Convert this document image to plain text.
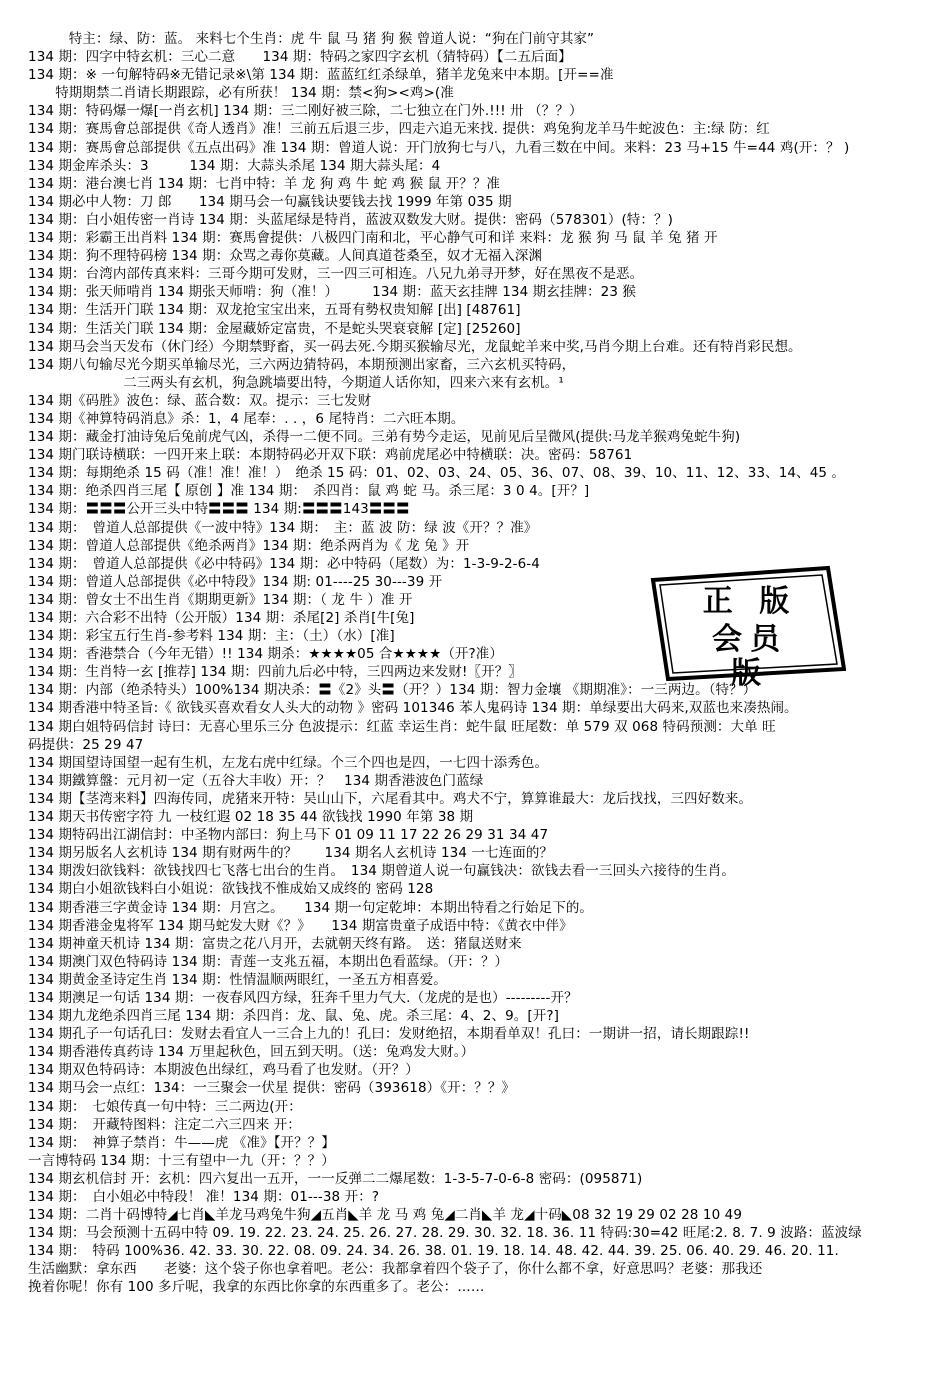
　　　特主：绿、防：蓝。 来料七个生肖：虎 牛 鼠 马 猪 狗 猴 曾道人说：“狗在门前守其家”
134 期：四字中特玄机：三心二意　　134 期：特码之家四字玄机（猜特码）【二五后面】
134 期：※ 一句解特码※无错记录※\第 134 期：蓝蓝红红杀绿单，猪羊龙兔来中本期。[开==准
　　特期期禁二肖请长期跟踪，必有所获！ 134 期：禁<狗><鸡>(准
134 期：特码爆一爆[一肖玄机] 134 期：三二刚好被三除，二七独立在门外.!!! 卅 （？？）
134 期：赛馬會总部提供《奇人透肖》准！三前五后退三步，四走六追无来找. 提供：鸡兔狗龙羊马牛蛇波色：主:绿 防：红
134 期：赛馬會总部提供《五点出码》准 134 期：曾道人说：开门放狗七与八，九看三数在中间。来料：23 马+15 牛=44 鸡(开：？ )
134 期金库杀头：3　　　134 期：大蒜头杀尾 134 期大蒜头尾：4
134 期：港台澳七肖 134 期：七肖中特：羊 龙 狗 鸡 牛 蛇 鸡 猴 鼠 开？？准
134 期必中人物：刀 郎　　134 期马会一句赢钱诀要钱去找 1999 年第 035 期
134 期：白小姐传密一肖诗 134 期：头蓝尾绿是特肖，蓝波双数发大财。提供：密码（578301）(特：？)
134 期：彩霸王出肖料 134 期：赛馬會提供：八极四门南和北，平心静气可和详 来料：龙 猴 狗 马 鼠 羊 兔 猪 开
134 期：狗不理特码榜 134 期：众骂之毒你莫藏。人间真道苍桑至，奴才无福入深渊
134 期：台湾内部传真来料：三哥今期可发财，三一四三可相连。八兄九弟寻开梦，好在黑夜不是恶。
134 期：张天师啃肖 134 期张天师啃：狗（准！）　　　134 期：蓝天玄挂牌 134 期玄挂牌：23 猴
134 期：生活开门联 134 期：双龙抢宝宝出来，五哥有勢权贵知解 [出] [48761]
134 期：生活关门联 134 期：金屋藏娇定富贵，不是蛇头哭衰衰解 [定] [25260]
134 期马会当天发布（休门经）今期禁野畜，买一码去死.今期买猴输尽光，龙鼠蛇羊来中奖,马肖今期上台难。还有特肖彩民想。
134 期八句输尽光今期买单输尽光，三六两边猜特码，本期预测出家畜，三六玄机买特码，
　　　　　　　二三两头有玄机，狗急跳墙要出特，今期道人话你知，四来六来有玄机。¹
134 期《码胜》波色：绿、蓝合数：双。提示：三七发财
134 期《神算特码消息》杀：1，4 尾奉：. . ，6 尾特肖：二六旺本期。
134 期：藏金打油诗兔后兔前虎气凶，杀得一二便不同。三弟有势今走运，见前见后呈微风(提供:马龙羊猴鸡兔蛇牛狗)
134 期门联诗横联：一四开来上联：本期特码必开双下联：鸡前虎尾必中特横联：决。密码：58761
134 期：每期绝杀 15 码（准！准！准！）　绝杀 15 码：01、02、03、24、05、36、07、08、39、10、11、12、33、14、45 。
134 期：绝杀四肖三尾【 原创 】准 134 期：　杀四肖：鼠 鸡 蛇 马。杀三尾：3 0 4。[开？]
134 期：〓〓〓公开三头中特〓〓〓 134 期:〓〓〓143〓〓〓
134 期：　曾道人总部提供《一波中特》134 期：　主：蓝 波 防：绿 波《开？？准》
134 期：曾道人总部提供《绝杀两肖》134 期：绝杀两肖为《 龙 兔 》开
134 期：　曾道人总部提供《必中特码》134 期：必中特码（尾数）为：1-3-9-2-6-4
134 期：曾道人总部提供《必中特段》134 期: 01----25 30---39 开
134 期：曾女士不出生肖《期期更新》134 期：（ 龙 牛 ）准 开
134 期：六合彩不出特（公开版）134 期：杀尾[2] 杀肖[牛[兔]
134 期：彩宝五行生肖-参考料 134 期：主：（土）（水）[准]
134 期：香港禁合（今年无错）!! 134 期杀：★★★★05 合★★★★（开?准）
134 期：生肖特一玄 [推荐] 134 期：四前九后必中特，三四两边来发财!〖开？〗
134 期：内部（绝杀特头）100%134 期决杀：〓《2》头〓（开？）134 期：智力金壤 《期期准》：一三两边。（特？）
134 期香港中特圣旨:《 欲钱买喜欢看女人头大的动物 》密码 101346 苯人鬼码诗 134 期：单绿要出大码来,双蓝也来凑热闹。
134 期白姐特码信封 诗曰：无喜心里乐三分 色波提示：红蓝 幸运生肖：蛇牛鼠 旺尾数：单 579 双 068 特码预测：大单 旺
码提供：25 29 47
134 期国望诗国望一起有生机，左龙右虎中红绿。个三个四也是四，一七四十添秀色。
134 期鐵算盤：元月初一定（五谷大丰收）开：？　134 期香港波色门蓝绿
134 期【茎湾来料】四海传同，虎猪来开特：吴山山下，六尾看其中。鸡犬不宁，算算谁最大：龙后找找，三四好数来。
134 期天书传密字符 九 一枝红遐 02 18 35 44 欲钱找 1990 年第 38 期
134 期特码出江湖信封：中圣物内部曰：狗上马下 01 09 11 17 22 26 29 31 34 47
134 期另版名人玄机诗 134 期有财两牛的？　　134 期名人玄机诗 134 一七连面的？
134 期泼妇欲钱料：欲钱找四七飞落七出台的生肖。　134 期曾道人说一句赢钱决：欲钱去看一三回头六接待的生肖。
134 期白小姐欲钱料白小姐说：欲钱找不惟成始又成终的 密码 128
134 期香港三字黄金诗 134 期：月宫之。　　134 期一句定乾坤：本期出特看之行始足下的。
134 期香港金鬼将军 134 期马蛇发大财《？》　　134 期富贵童子成语中特：《黄衣中伴》
134 期神童天机诗 134 期：富贵之花八月开，去就朝天终有路。　送：猪鼠送财来
134 期澳门双色特码诗 134 期：青莲一支兆五福，本期出色看蓝绿。（开：？）
134 期黄金圣诗定生肖 134 期：性情温顺两眼红，一圣五方相喜爱。
134 期澳足一句话 134 期：一夜春风四方绿，狂奔千里力气大.（龙虎的是也）---------开？
134 期九龙绝杀四肖三尾 134 期：杀四肖：龙、鼠、兔、虎。杀三尾：4、2、9。[开?]
134 期孔子一句话孔曰：发财去看宜人一三合上九的！孔曰：发财绝招，本期看单双！孔曰：一期讲一招，请长期跟踪!!
134 期香港传真药诗 134 万里起秋色，回五到天明。（送：兔鸡发大财。）
134 期双色特码诗：本期波色出绿红，鸡马看了也发财。（开？）
134 期马会一点红：134：一三聚会一伏星 提供：密码（393618）《开：？？》
134 期：　七娘传真一句中特：三二两边(开：
134 期：　开藏特图料：注定二六三四来 开：
134 期：　神算子禁肖：牛——虎 《准》【开？？】
一言博特码 134 期：十三有望中一九（开：？？）
134 期玄机信封 开：玄机：四六复出一五开，一一反弹二二爆尾数：1-3-5-7-0-6-8 密码：(095871)
134 期：　白小姐必中特段！ 准！134 期：01---38 开：?
134 期：二肖十码博特◢七肖◣羊龙马鸡兔牛狗◢五肖◣羊 龙 马 鸡 兔◢二肖◣羊 龙◢十码◣08 32 19 29 02 28 10 49
134 期：马会预测十五码中特 09. 19. 22. 23. 24. 25. 26. 27. 28. 29. 30. 32. 18. 36. 11 特码:30=42 旺尾:2. 8. 7. 9 波路：蓝波绿
134 期：　特码 100%36. 42. 33. 30. 22. 08. 09. 24. 34. 26. 38. 01. 19. 18. 14. 48. 42. 44. 39. 25. 06. 40. 29. 46. 20. 11.
生活幽默：拿东西　　老婆：这个袋子你也拿着吧。老公：我都拿着四个袋子了，你什么都不拿，好意思吗？老婆：那我还
挽着你呢！你有 100 多斤呢，我拿的东西比你拿的东西重多了。老公：……
正 版
会员版
